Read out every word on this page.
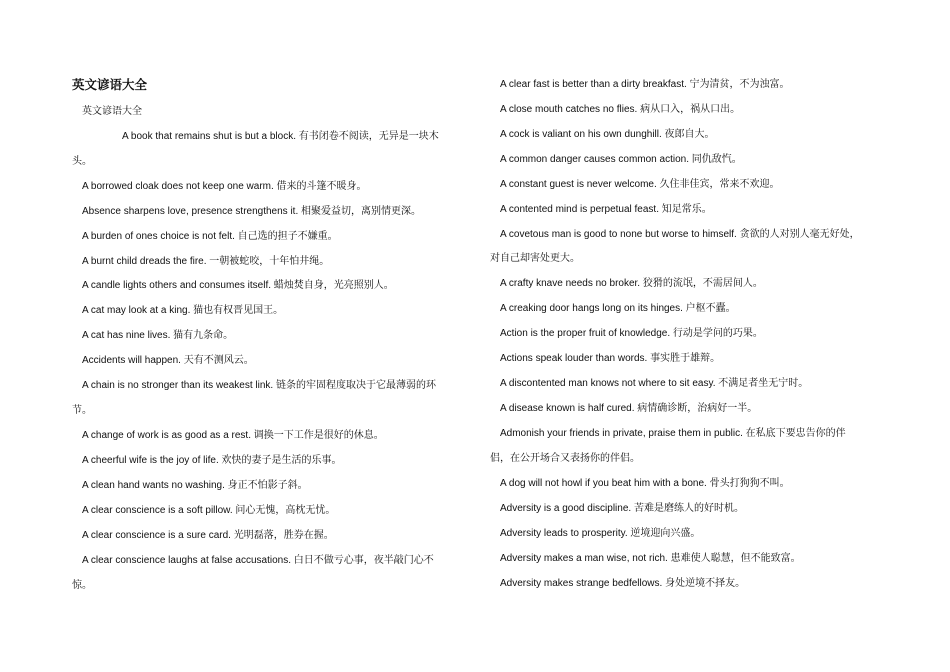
英文谚语大全
英文谚语大全
A book that remains shut is but a block. 有书闭卷不阅读，无异是一块木
头。
A borrowed cloak does not keep one warm. 借来的斗篷不暖身。
Absence sharpens love, presence strengthens it. 相聚爱益切，离别情更深。
A burden of ones choice is not felt. 自己选的担子不嫌重。
A burnt child dreads the fire. 一朝被蛇咬，十年怕井绳。
A candle lights others and consumes itself. 蜡烛焚自身，光亮照别人。
A cat may look at a king. 猫也有权晋见国王。
A cat has nine lives. 猫有九条命。
Accidents will happen. 天有不测风云。
A chain is no stronger than its weakest link. 链条的牢固程度取决于它最薄弱的环
节。
A change of work is as good as a rest. 调换一下工作是很好的休息。
A cheerful wife is the joy of life. 欢快的妻子是生活的乐事。
A clean hand wants no washing. 身正不怕影子斜。
A clear conscience is a soft pillow. 问心无愧，高枕无忧。
A clear conscience is a sure card. 光明磊落，胜券在握。
A clear conscience laughs at false accusations. 白日不做亏心事，夜半敲门心不
惊。
A clear fast is better than a dirty breakfast. 宁为清贫，不为浊富。
A close mouth catches no flies. 病从口入，祸从口出。
A cock is valiant on his own dunghill. 夜郎自大。
A common danger causes common action. 同仇敌忾。
A constant guest is never welcome. 久住非佳宾，常来不欢迎。
A contented mind is perpetual feast. 知足常乐。
A covetous man is good to none but worse to himself. 贪欲的人对别人毫无好处，
对自己却害处更大。
A crafty knave needs no broker. 狡猾的流氓，不需居间人。
A creaking door hangs long on its hinges. 户枢不蠹。
Action is the proper fruit of knowledge. 行动是学问的巧果。
Actions speak louder than words. 事实胜于雄辩。
A discontented man knows not where to sit easy. 不满足者坐无宁时。
A disease known is half cured. 病情确诊断，治病好一半。
Admonish your friends in private, praise them in public. 在私底下要忠告你的伴
侣，在公开场合又表扬你的伴侣。
A dog will not howl if you beat him with a bone. 骨头打狗狗不叫。
Adversity is a good discipline. 苦难是磨练人的好时机。
Adversity leads to prosperity. 逆境迎向兴盛。
Adversity makes a man wise, not rich. 患难使人聪慧，但不能致富。
Adversity makes strange bedfellows. 身处逆境不择友。
